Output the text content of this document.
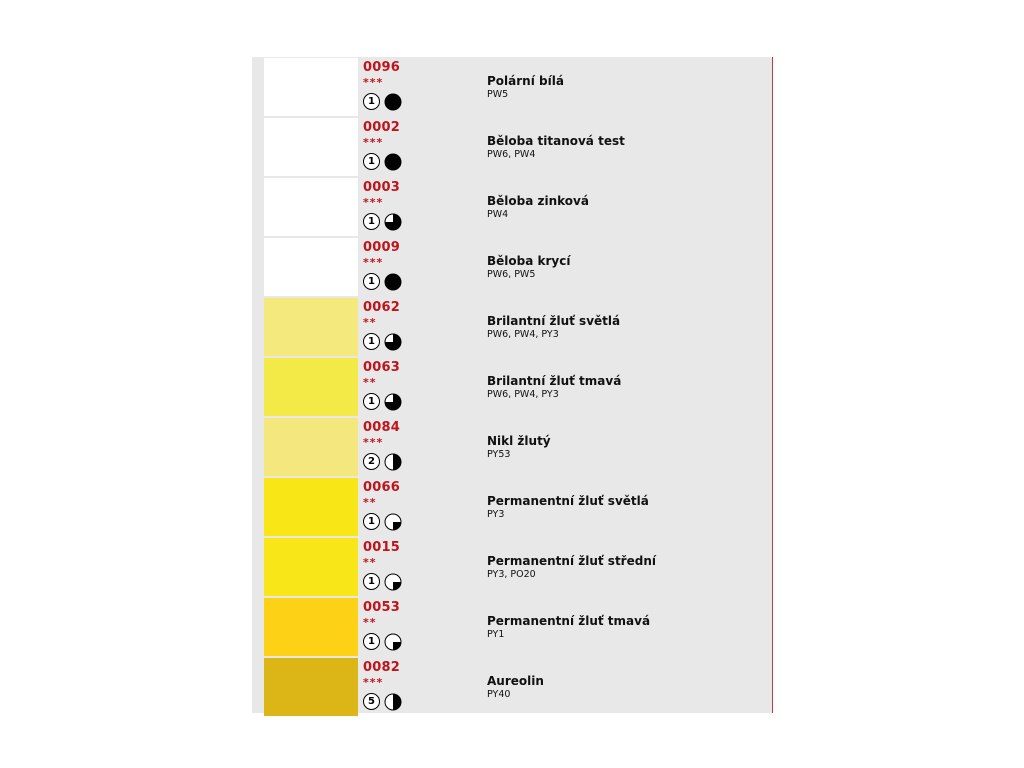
0096
***
1
Polární bílá
PW5
0002
***
1
Běloba titanová test
PW6, PW4
0003
***
1
Běloba zinková
PW4
0009
***
1
Běloba krycí
PW6, PW5
0062
**
1
Brilantní žluť světlá
PW6, PW4, PY3
0063
**
1
Brilantní žluť tmavá
PW6, PW4, PY3
0084
***
2
Nikl žlutý
PY53
0066
**
1
Permanentní žluť světlá
PY3
0015
**
1
Permanentní žluť střední
PY3, PO20
0053
**
1
Permanentní žluť tmavá
PY1
0082
***
5
Aureolin
PY40
